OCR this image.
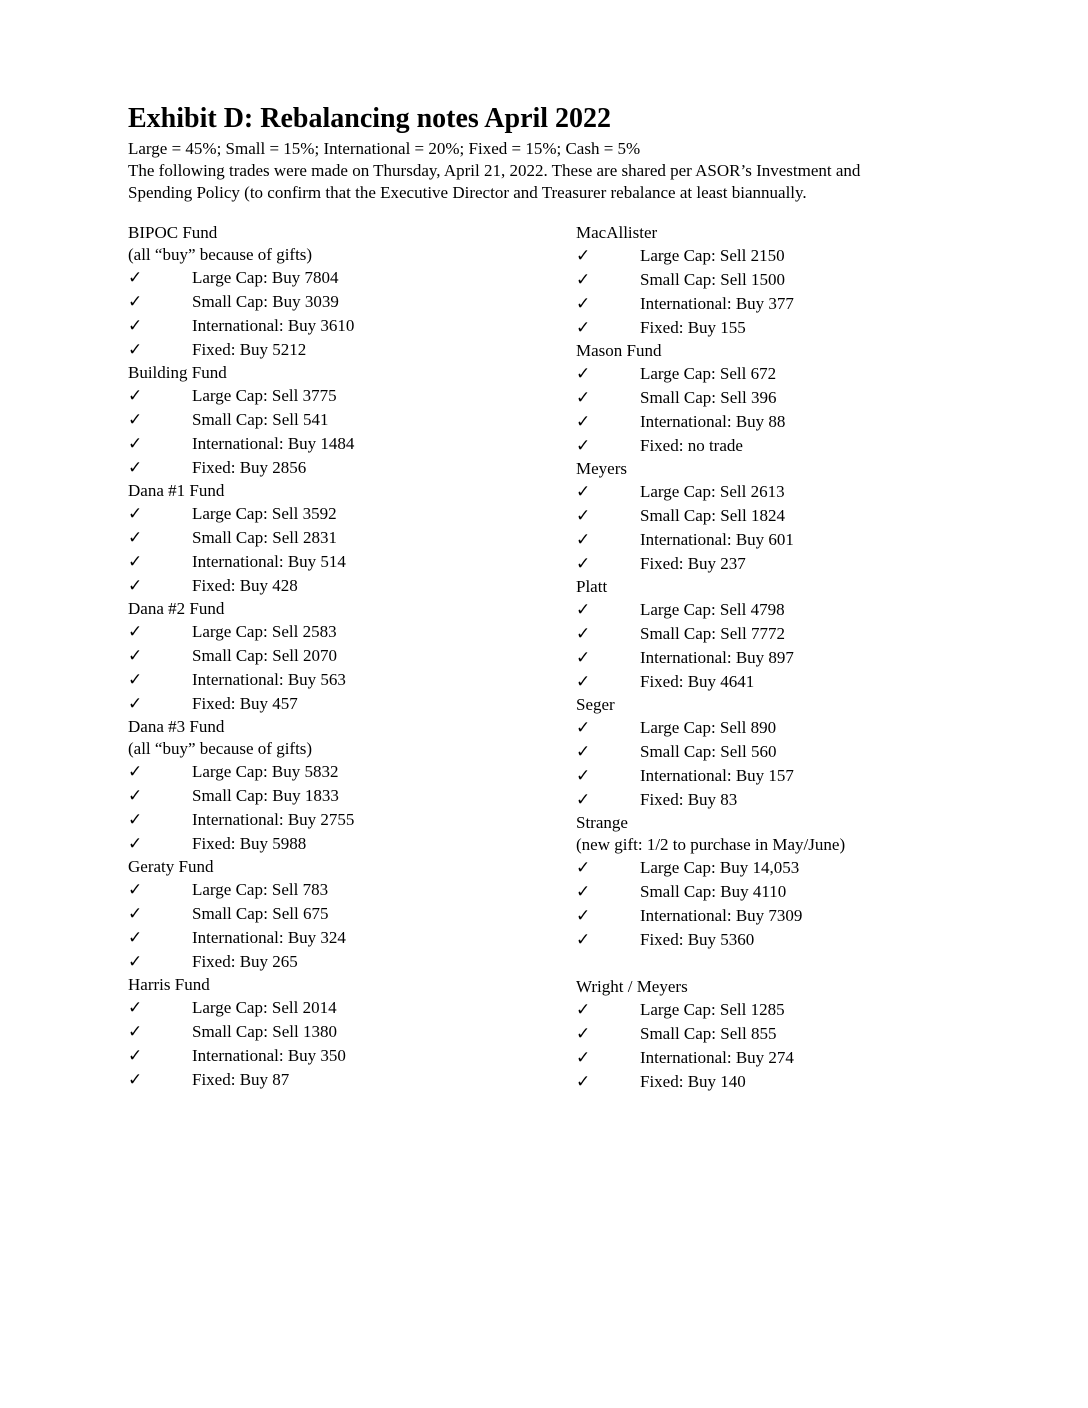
Exhibit D: Rebalancing notes April 2022

Large = 45%; Small = 15%; International = 20%; Fixed = 15%; Cash = 5%

The following trades were made on Thursday, April 21, 2022. These are shared per ASOR’s Investment and

Spending Policy (to confirm that the Executive Director and Treasurer rebalance at least biannually.

BIPOC Fund
(all “buy” because of gifts)
✓	Large Cap: Buy 7804
✓	Small Cap: Buy 3039
✓	International: Buy 3610
✓	Fixed: Buy 5212
Building Fund
✓	Large Cap: Sell 3775
✓	Small Cap: Sell 541
✓	International: Buy 1484
✓	Fixed: Buy 2856
Dana #1 Fund
✓	Large Cap: Sell 3592
✓	Small Cap: Sell 2831
✓	International: Buy 514
✓	Fixed: Buy 428
Dana #2 Fund
✓	Large Cap: Sell 2583
✓	Small Cap: Sell 2070
✓	International: Buy 563
✓	Fixed: Buy 457
Dana #3 Fund
(all “buy” because of gifts)
✓	Large Cap: Buy 5832
✓	Small Cap: Buy 1833
✓	International: Buy 2755
✓	Fixed: Buy 5988
Geraty Fund
✓	Large Cap: Sell 783
✓	Small Cap: Sell 675
✓	International: Buy 324
✓	Fixed: Buy 265
Harris Fund
✓	Large Cap: Sell 2014
✓	Small Cap: Sell 1380
✓	International: Buy 350
✓	Fixed: Buy 87
MacAllister
✓	Large Cap: Sell 2150
✓	Small Cap: Sell 1500
✓	International: Buy 377
✓	Fixed: Buy 155
Mason Fund
✓	Large Cap: Sell 672
✓	Small Cap: Sell 396
✓	International: Buy 88
✓	Fixed: no trade
Meyers
✓	Large Cap: Sell 2613
✓	Small Cap: Sell 1824
✓	International: Buy 601
✓	Fixed: Buy 237
Platt
✓	Large Cap: Sell 4798
✓	Small Cap: Sell 7772
✓	International: Buy 897
✓	Fixed: Buy 4641
Seger
✓	Large Cap: Sell 890
✓	Small Cap: Sell 560
✓	International: Buy 157
✓	Fixed: Buy 83
Strange
(new gift: 1/2 to purchase in May/June)
✓	Large Cap: Buy 14,053
✓	Small Cap: Buy 4110
✓	International: Buy 7309
✓	Fixed: Buy 5360
Wright / Meyers
✓	Large Cap: Sell 1285
✓	Small Cap: Sell 855
✓	International: Buy 274
✓	Fixed: Buy 140
